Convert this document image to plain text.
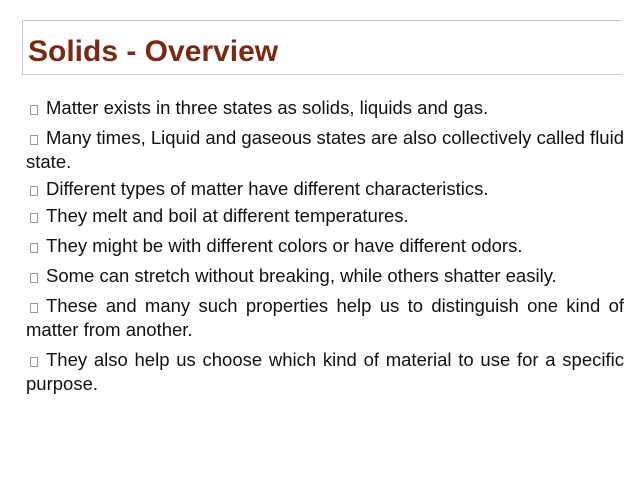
Solids - Overview
Matter exists in three states as solids, liquids and gas.
Many times, Liquid and gaseous states are also collectively called fluid state.
Different types of matter have different characteristics.
They melt and boil at different temperatures.
They might be with different colors or have different odors.
Some can stretch without breaking, while others shatter easily.
These and many such properties help us to distinguish one kind of matter from another.
They also help us choose which kind of material to use for a specific purpose.
